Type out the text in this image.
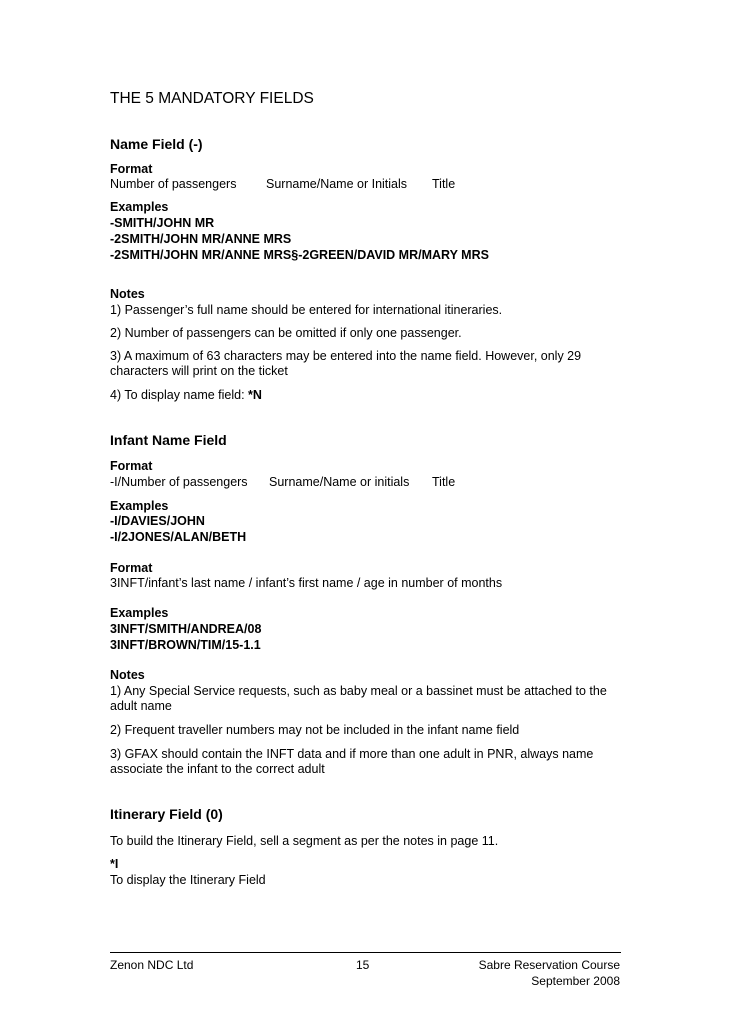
THE 5 MANDATORY FIELDS
Name Field (-)
Format
Number of passengers Surname/Name or Initials Title
Examples
-SMITH/JOHN MR
-2SMITH/JOHN MR/ANNE MRS
-2SMITH/JOHN MR/ANNE MRS§-2GREEN/DAVID MR/MARY MRS
Notes
1) Passenger’s full name should be entered for international itineraries.
2) Number of passengers can be omitted if only one passenger.
3) A maximum of 63 characters may be entered into the name field. However, only 29 characters will print on the ticket
4) To display name field: *N
Infant Name Field
Format
-I/Number of passengers Surname/Name or initials Title
Examples
-I/DAVIES/JOHN
-I/2JONES/ALAN/BETH
Format
3INFT/infant’s last name / infant’s first name / age in number of months
Examples
3INFT/SMITH/ANDREA/08
3INFT/BROWN/TIM/15-1.1
Notes
1) Any Special Service requests, such as baby meal or a bassinet must be attached to the adult name
2) Frequent traveller numbers may not be included in the infant name field
3) GFAX should contain the INFT data and if more than one adult in PNR, always name associate the infant to the correct adult
Itinerary Field (0)
To build the Itinerary Field, sell a segment as per the notes in page 11.
*I
To display the Itinerary Field
Zenon NDC Ltd	15	Sabre Reservation Course
September 2008
